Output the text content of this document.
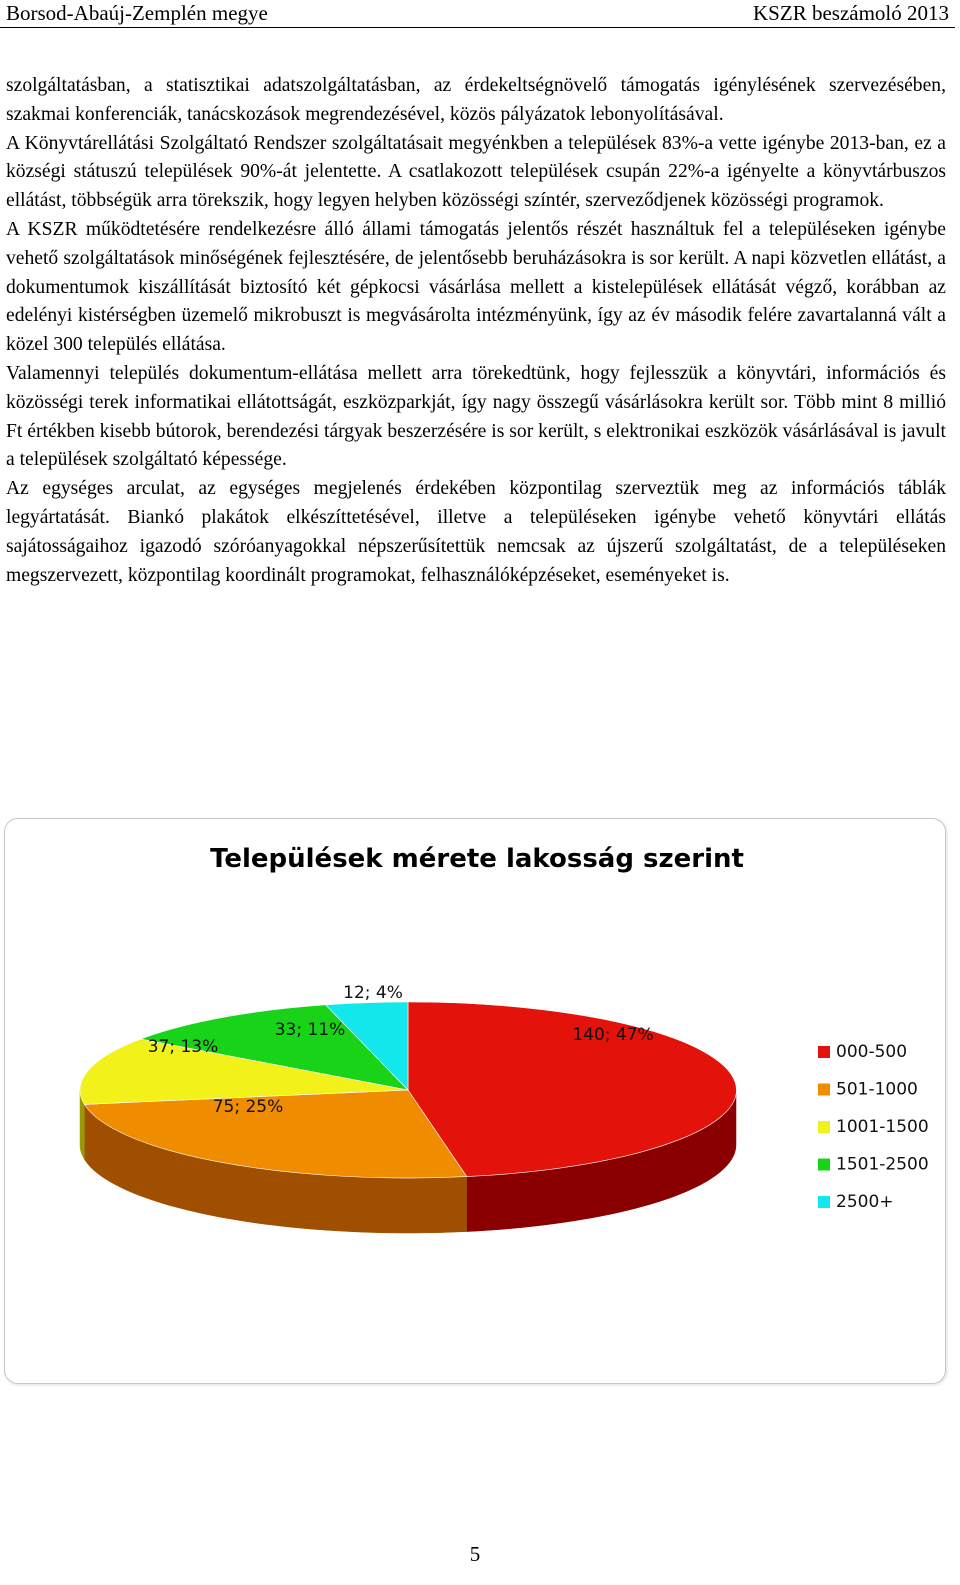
Borsod-Abaúj-Zemplén megye	KSZR beszámoló 2013

szolgáltatásban, a statisztikai adatszolgáltatásban, az érdekeltségnövelő támogatás igénylésének szervezésében, szakmai konferenciák, tanácskozások megrendezésével, közös pályázatok lebonyolításával.

A Könyvtárellátási Szolgáltató Rendszer szolgáltatásait megyénkben a települések 83%-a vette igénybe 2013-ban, ez a községi státuszú települések 90%-át jelentette. A csatlakozott települések csupán 22%-a igényelte a könyvtárbuszos ellátást, többségük arra törekszik, hogy legyen helyben közösségi színtér, szerveződjenek közösségi programok.

A KSZR működtetésére rendelkezésre álló állami támogatás jelentős részét használtuk fel a településeken igénybe vehető szolgáltatások minőségének fejlesztésére, de jelentősebb beruházásokra is sor került. A napi közvetlen ellátást, a dokumentumok kiszállítását biztosító két gépkocsi vásárlása mellett a kistelepülések ellátását végző, korábban az edelényi kistérségben üzemelő mikrobuszt is megvásárolta intézményünk, így az év második felére zavartalanná vált a közel 300 település ellátása.

Valamennyi település dokumentum-ellátása mellett arra törekedtünk, hogy fejlesszük a könyvtári, információs és közösségi terek informatikai ellátottságát, eszközparkját, így nagy összegű vásárlásokra került sor. Több mint 8 millió Ft értékben kisebb bútorok, berendezési tárgyak beszerzésére is sor került, s elektronikai eszközök vásárlásával is javult a települések szolgáltató képessége.

Az egységes arculat, az egységes megjelenés érdekében központilag szerveztük meg az információs táblák legyártatását. Biankó plakátok elkészíttetésével, illetve a településeken igénybe vehető könyvtári ellátás sajátosságaihoz igazodó szóróanyagokkal népszerűsítettük nemcsak az újszerű szolgáltatást, de a településeken megszervezett, központilag koordinált programokat, felhasználóképzéseket, eseményeket is.

Települések mérete lakosság szerint
140; 47%
75; 25%
37; 13%
33; 11%
12; 4%
000-500
501-1000
1001-1500
1501-2500
2500+
5
